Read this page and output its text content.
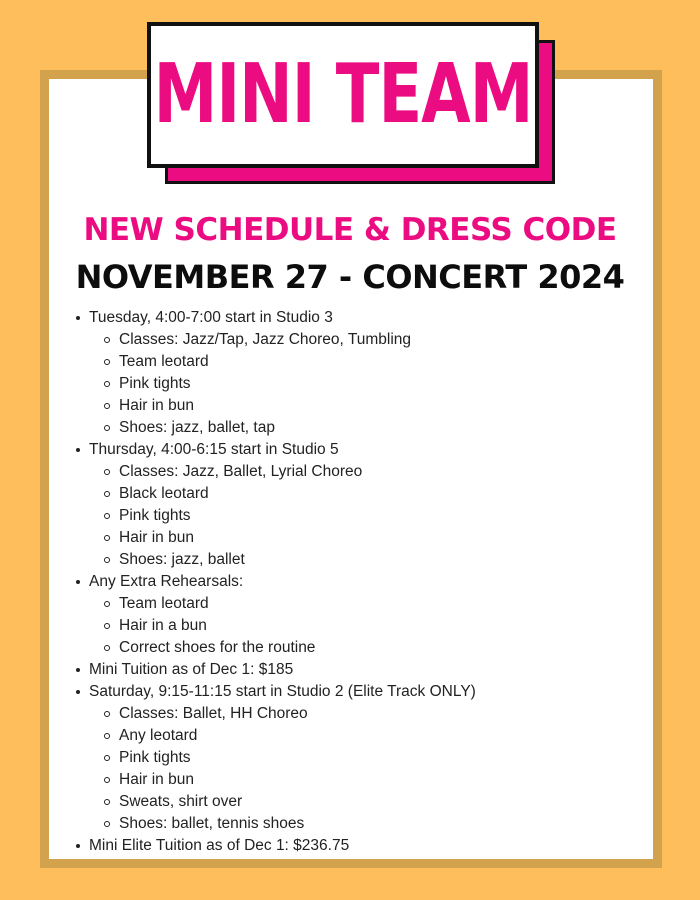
MINI TEAM
NEW SCHEDULE & DRESS CODE
NOVEMBER 27 - CONCERT 2024
Tuesday, 4:00-7:00 start in Studio 3
Classes: Jazz/Tap, Jazz Choreo, Tumbling
Team leotard
Pink tights
Hair in bun
Shoes: jazz, ballet, tap
Thursday, 4:00-6:15 start in Studio 5
Classes: Jazz, Ballet, Lyrial Choreo
Black leotard
Pink tights
Hair in bun
Shoes: jazz, ballet
Any Extra Rehearsals:
Team leotard
Hair in a bun
Correct shoes for the routine
Mini Tuition as of Dec 1: $185
Saturday, 9:15-11:15 start in Studio 2 (Elite Track ONLY)
Classes: Ballet, HH Choreo
Any leotard
Pink tights
Hair in bun
Sweats, shirt over
Shoes: ballet, tennis shoes
Mini Elite Tuition as of Dec 1: $236.75
